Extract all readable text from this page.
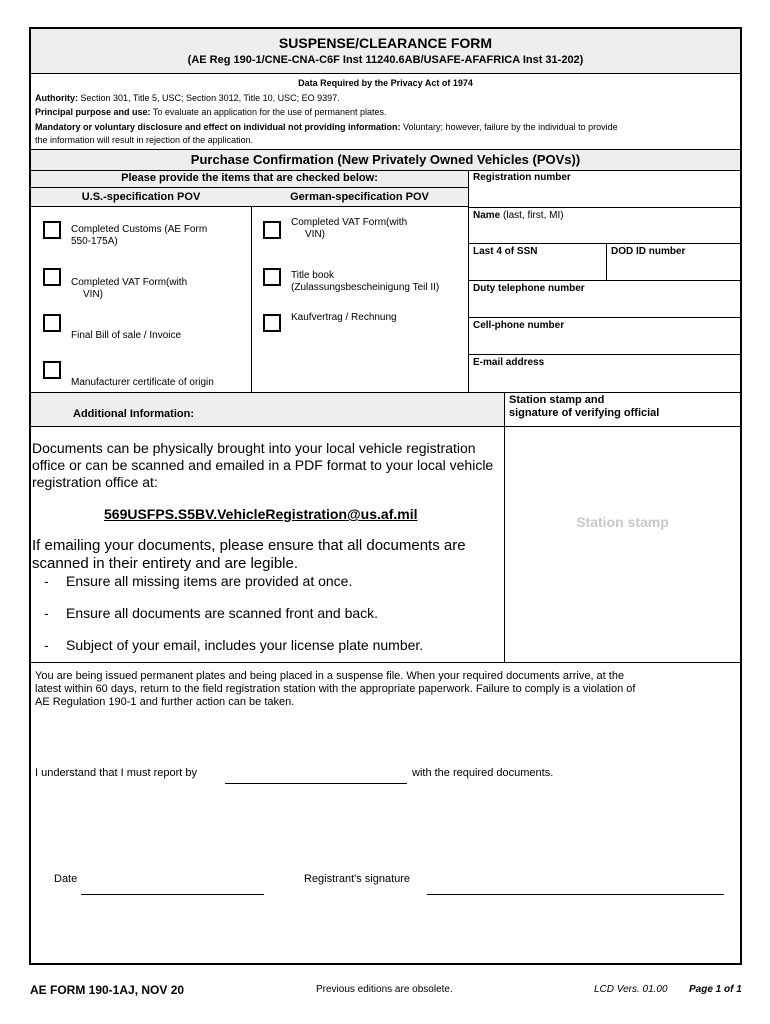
SUSPENSE/CLEARANCE FORM
(AE Reg 190-1/CNE-CNA-C6F Inst 11240.6AB/USAFE-AFAFRICA Inst 31-202)
Data Required by the Privacy Act of 1974
Authority: Section 301, Title 5, USC; Section 3012, Title 10, USC; EO 9397.
Principal purpose and use: To evaluate an application for the use of permanent plates.
Mandatory or voluntary disclosure and effect on individual not providing information: Voluntary; however, failure by the individual to provide
the information will result in rejection of the application.
Purchase Confirmation (New Privately Owned Vehicles (POVs))
Please provide the items that are checked below:
U.S.-specification POV	German-specification POV
Completed Customs (AE Form
550-175A)
Completed VAT Form(with
VIN)
Final Bill of sale / Invoice
Manufacturer certificate of origin
Completed VAT Form(with
VIN)
Title book
(Zulassungsbescheinigung Teil II)
Kaufvertrag / Rechnung
Registration number
Name (last, first, MI)
Last 4 of SSN	DOD ID number
Duty telephone number
Cell-phone number
E-mail address
Additional Information:
Station stamp and
signature of verifying official
Station stamp
Documents can be physically brought into your local vehicle registration
office or can be scanned and emailed in a PDF format to your local vehicle
registration office at:
569USFPS.S5BV.VehicleRegistration@us.af.mil
If emailing your documents, please ensure that all documents are
scanned in their entirety and are legible.
- Ensure all missing items are provided at once.
- Ensure all documents are scanned front and back.
- Subject of your email, includes your license plate number.
You are being issued permanent plates and being placed in a suspense file. When your required documents arrive, at the
latest within 60 days, return to the field registration station with the appropriate paperwork. Failure to comply is a violation of
AE Regulation 190-1 and further action can be taken.
I understand that I must report by	with the required documents.
Date	Registrant's signature
AE FORM 190-1AJ, NOV 20	Previous editions are obsolete.	LCD Vers. 01.00 Page 1 of 1
